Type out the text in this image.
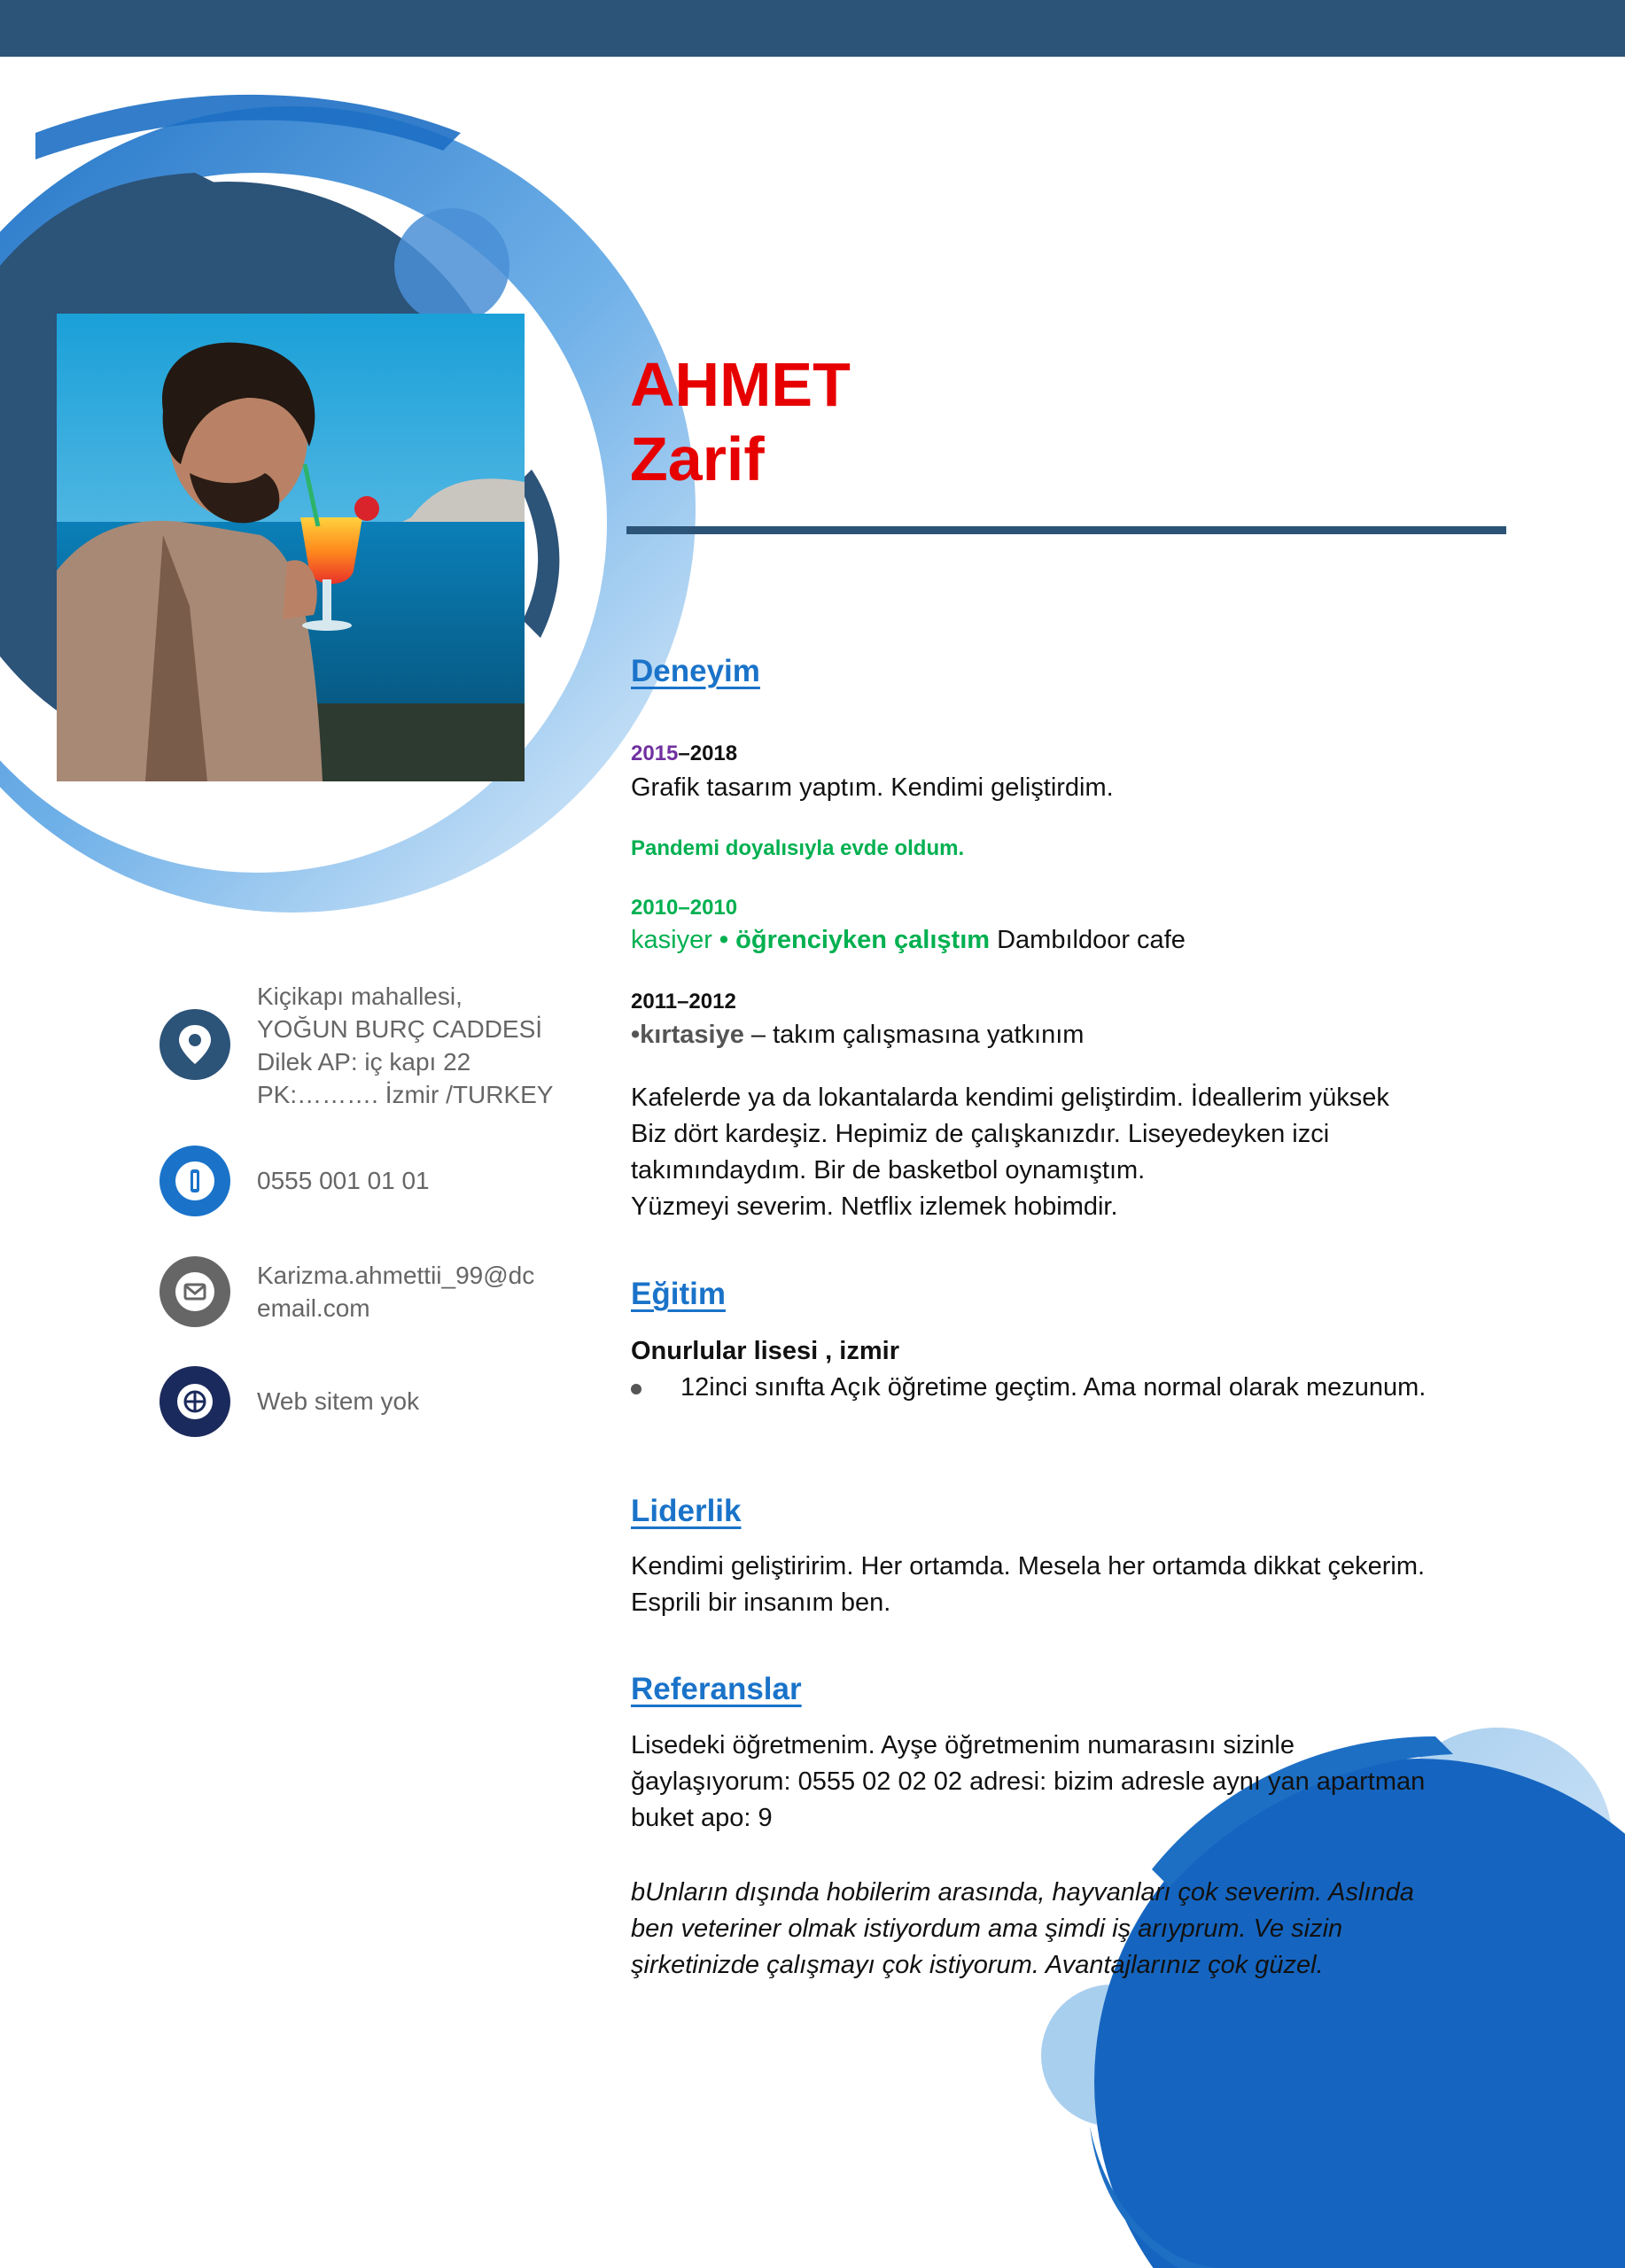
AHMET
Zarif
Kiçikapı mahallesi,
YOĞUN BURÇ CADDESİ
Dilek AP: iç kapı 22
PK:………. İzmir /TURKEY
0555 001 01 01
Karizma.ahmettii_99@dc
email.com
Web sitem yok
Deneyim
2015–2018
Grafik tasarım yaptım. Kendimi geliştirdim.
Pandemi doyalısıyla evde oldum.
2010–2010
kasiyer • öğrenciyken çalıştım Dambıldoor cafe
2011–2012
•kırtasiye – takım çalışmasına yatkınım
Kafelerde ya da lokantalarda kendimi geliştirdim. İdeallerim yüksek
Biz dört kardeşiz. Hepimiz de çalışkanızdır. Liseyedeyken izci
takımındaydım. Bir de basketbol oynamıştım.
Yüzmeyi severim. Netflix izlemek hobimdir.
Eğitim
Onurlular lisesi , izmir
12inci sınıfta Açık öğretime geçtim. Ama normal olarak mezunum.
Liderlik
Kendimi geliştiririm. Her ortamda. Mesela her ortamda dikkat çekerim.
Esprili bir insanım ben.
Referanslar
Lisedeki öğretmenim. Ayşe öğretmenim numarasını sizinle
ğaylaşıyorum: 0555 02 02 02 adresi: bizim adresle aynı yan apartman
buket apo: 9
bUnların dışında hobilerim arasında, hayvanları çok severim. Aslında
ben veteriner olmak istiyordum ama şimdi iş arıyprum. Ve sizin
şirketinizde çalışmayı çok istiyorum. Avantajlarınız çok güzel.
